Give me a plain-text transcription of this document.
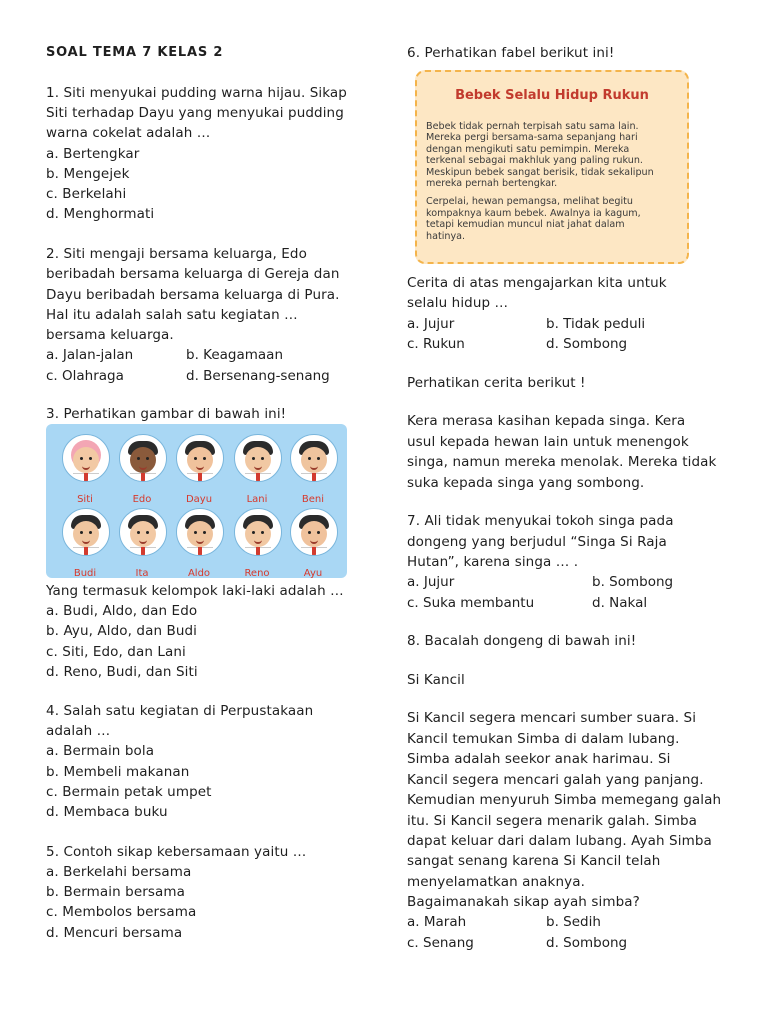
SOAL TEMA 7 KELAS 2
1. Siti menyukai pudding warna hijau. Sikap
Siti terhadap Dayu yang menyukai pudding
warna cokelat adalah …
a. Bertengkar
b. Mengejek
c. Berkelahi
d. Menghormati
2. Siti mengaji bersama keluarga, Edo
beribadah bersama keluarga di Gereja dan
Dayu beribadah bersama keluarga di Pura.
Hal itu adalah salah satu kegiatan …
bersama keluarga.
a. Jalan-jalan	b. Keagamaan
c. Olahraga	d. Bersenang-senang
3. Perhatikan gambar di bawah ini!
Siti	Edo	Dayu	Lani	Beni
Budi	Ita	Aldo	Reno	Ayu
Yang termasuk kelompok laki-laki adalah …
a. Budi, Aldo, dan Edo
b. Ayu, Aldo, dan Budi
c. Siti, Edo, dan Lani
d. Reno, Budi, dan Siti
4. Salah satu kegiatan di Perpustakaan
adalah …
a. Bermain bola
b. Membeli makanan
c. Bermain petak umpet
d. Membaca buku
5. Contoh sikap kebersamaan yaitu …
a. Berkelahi bersama
b. Bermain bersama
c. Membolos bersama
d. Mencuri bersama
6. Perhatikan fabel berikut ini!
Bebek Selalu Hidup Rukun
Bebek tidak pernah terpisah satu sama lain.
Mereka pergi bersama-sama sepanjang hari
dengan mengikuti satu pemimpin. Mereka
terkenal sebagai makhluk yang paling rukun.
Meskipun bebek sangat berisik, tidak sekalipun
mereka pernah bertengkar.
Cerpelai, hewan pemangsa, melihat begitu
kompaknya kaum bebek. Awalnya ia kagum,
tetapi kemudian muncul niat jahat dalam
hatinya.
Cerita di atas mengajarkan kita untuk
selalu hidup …
a. Jujur	b. Tidak peduli
c. Rukun	d. Sombong
Perhatikan cerita berikut !
Kera merasa kasihan kepada singa. Kera
usul kepada hewan lain untuk menengok
singa, namun mereka menolak. Mereka tidak
suka kepada singa yang sombong.
7. Ali tidak menyukai tokoh singa pada
dongeng yang berjudul “Singa Si Raja
Hutan”, karena singa … .
a. Jujur	b. Sombong
c. Suka membantu	d. Nakal
8. Bacalah dongeng di bawah ini!
Si Kancil
Si Kancil segera mencari sumber suara. Si
Kancil temukan Simba di dalam lubang.
Simba adalah seekor anak harimau. Si
Kancil segera mencari galah yang panjang.
Kemudian menyuruh Simba memegang galah
itu. Si Kancil segera menarik galah. Simba
dapat keluar dari dalam lubang. Ayah Simba
sangat senang karena Si Kancil telah
menyelamatkan anaknya.
Bagaimanakah sikap ayah simba?
a. Marah	b. Sedih
c. Senang	d. Sombong
